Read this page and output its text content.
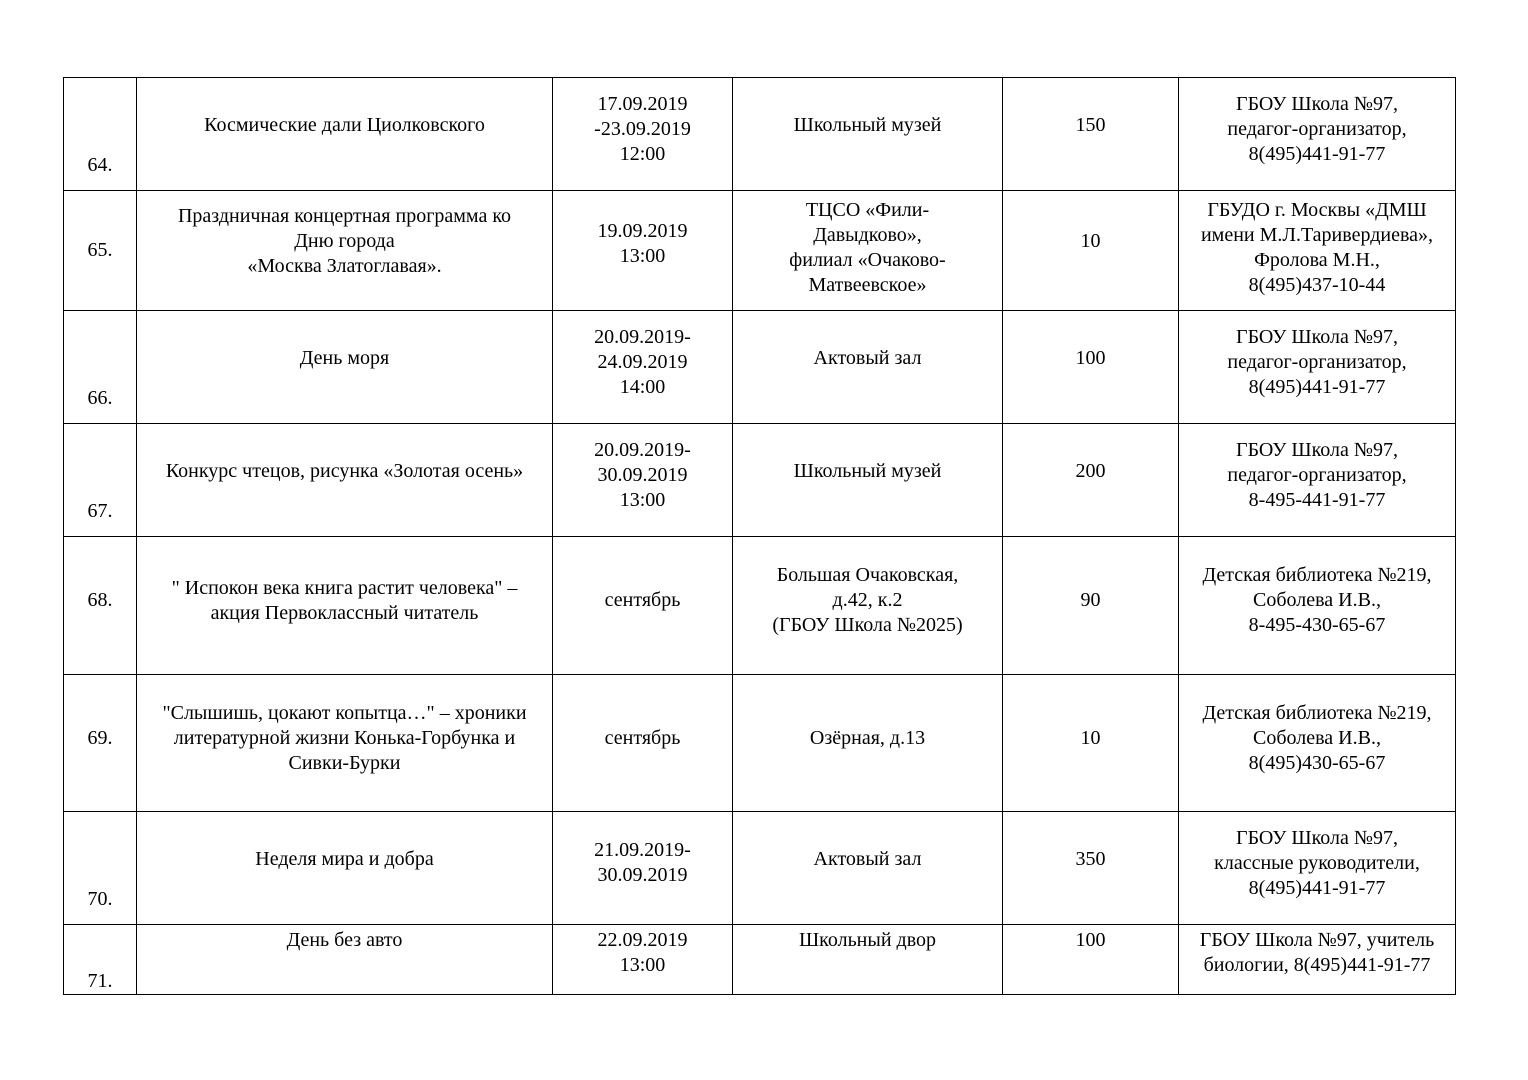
64.	Космические дали Циолковского	17.09.2019
-23.09.2019
12:00	Школьный музей	150	ГБОУ Школа №97,
педагог-организатор,
8(495)441-91-77
65.	Праздничная концертная программа ко
Дню города
«Москва Златоглавая».	19.09.2019
13:00	ТЦСО «Фили-
Давыдково»,
филиал «Очаково-
Матвеевское»	10	ГБУДО г. Москвы «ДМШ
имени М.Л.Таривердиева»,
Фролова М.Н.,
8(495)437-10-44
66.	День моря	20.09.2019-
24.09.2019
14:00	Актовый зал	100	ГБОУ Школа №97,
педагог-организатор,
8(495)441-91-77
67.	Конкурс чтецов, рисунка «Золотая осень»	20.09.2019-
30.09.2019
13:00	Школьный музей	200	ГБОУ Школа №97,
педагог-организатор,
8-495-441-91-77
68.	" Испокон века книга растит человека" –
акция Первоклассный читатель	сентябрь	Большая Очаковская,
д.42, к.2
(ГБОУ Школа №2025)	90	Детская библиотека №219,
Соболева И.В.,
8-495-430-65-67
69.	"Слышишь, цокают копытца…" – хроники
литературной жизни Конька-Горбунка и
Сивки-Бурки	сентябрь	Озёрная, д.13	10	Детская библиотека №219,
Соболева И.В.,
8(495)430-65-67
70.	Неделя мира и добра	21.09.2019-
30.09.2019	Актовый зал	350	ГБОУ Школа №97,
классные руководители,
8(495)441-91-77
71.	День без авто	22.09.2019
13:00	Школьный двор	100	ГБОУ Школа №97, учитель
биологии, 8(495)441-91-77
